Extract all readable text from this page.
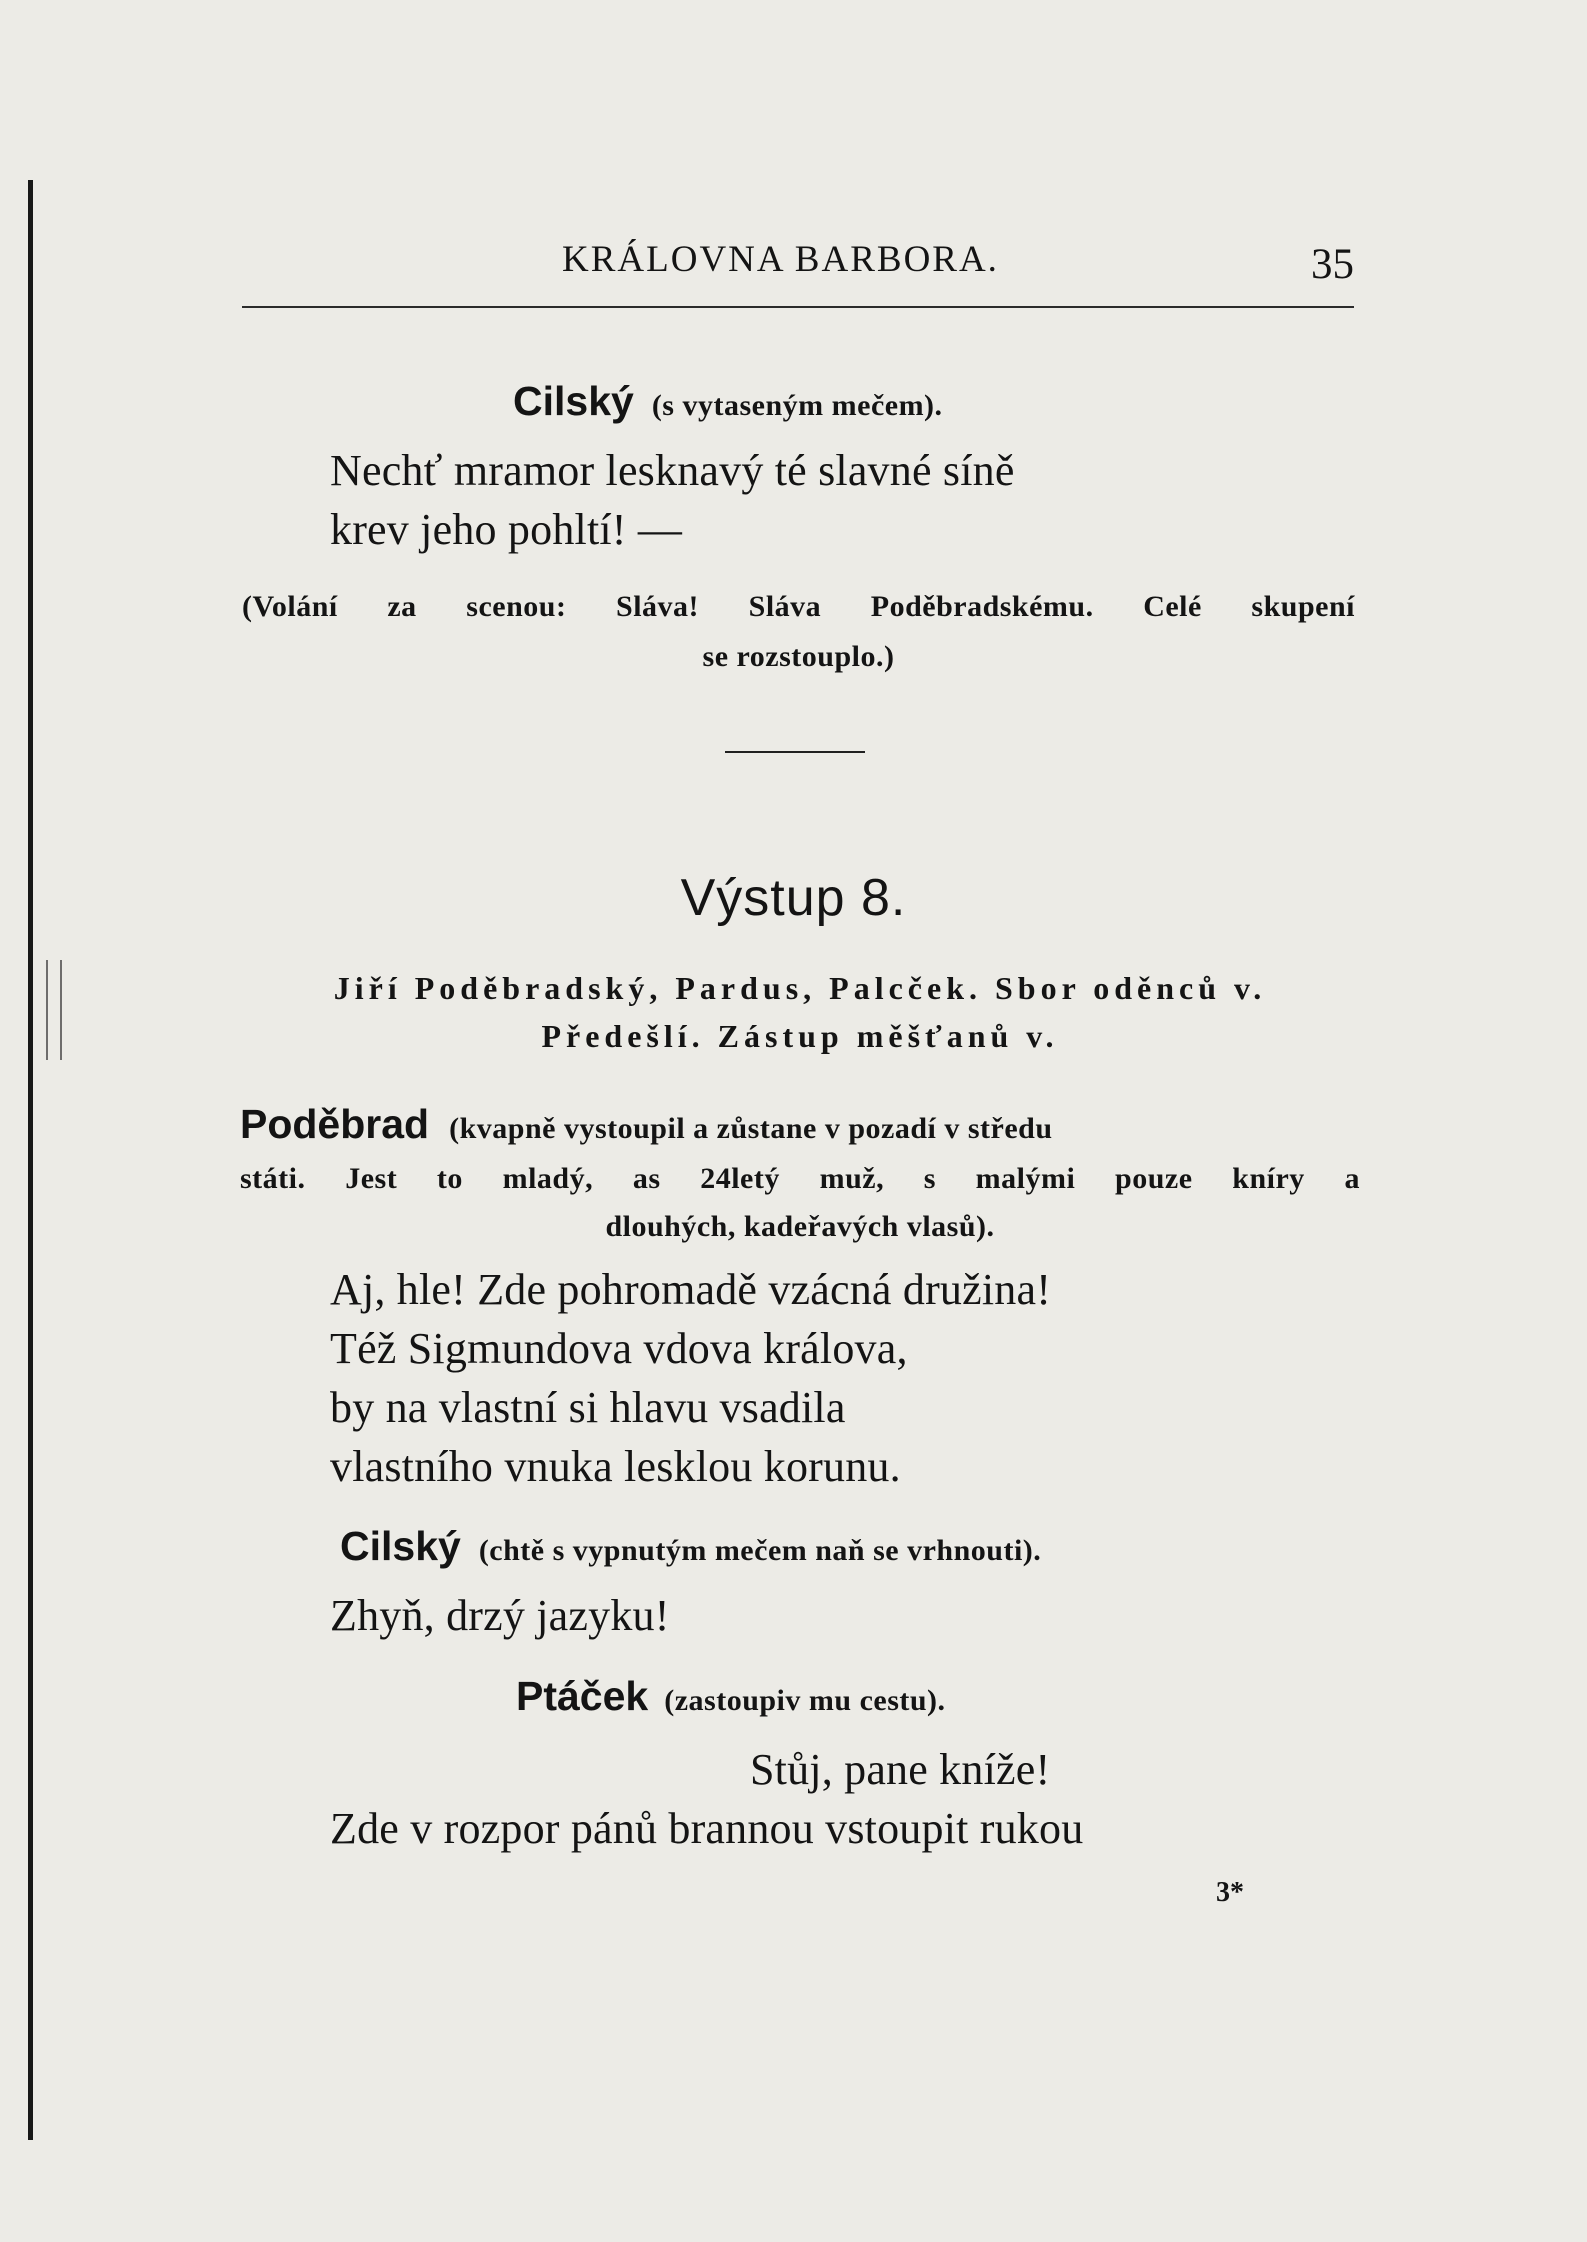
KRÁLOVNA BARBORA.	35
Cilský (s vytaseným mečem).
Nechť mramor lesknavý té slavné síně
krev jeho pohltí! —
(Volání za scenou: Sláva! Sláva Poděbradskému. Celé skupení
se rozstouplo.)
Výstup 8.
Jiří Poděbradský, Pardus, Palcček. Sbor oděnců v.
Předešlí. Zástup měšťanů v.
Poděbrad (kvapně vystoupil a zůstane v pozadí v středu
státi. Jest to mladý, as 24letý muž, s malými pouze kníry a
dlouhých, kadeřavých vlasů).
Aj, hle! Zde pohromadě vzácná družina!
Též Sigmundova vdova králova,
by na vlastní si hlavu vsadila
vlastního vnuka lesklou korunu.
Cilský (chtě s vypnutým mečem naň se vrhnouti).
Zhyň, drzý jazyku!
Ptáček (zastoupiv mu cestu).
Stůj, pane kníže!
Zde v rozpor pánů brannou vstoupit rukou
3*
